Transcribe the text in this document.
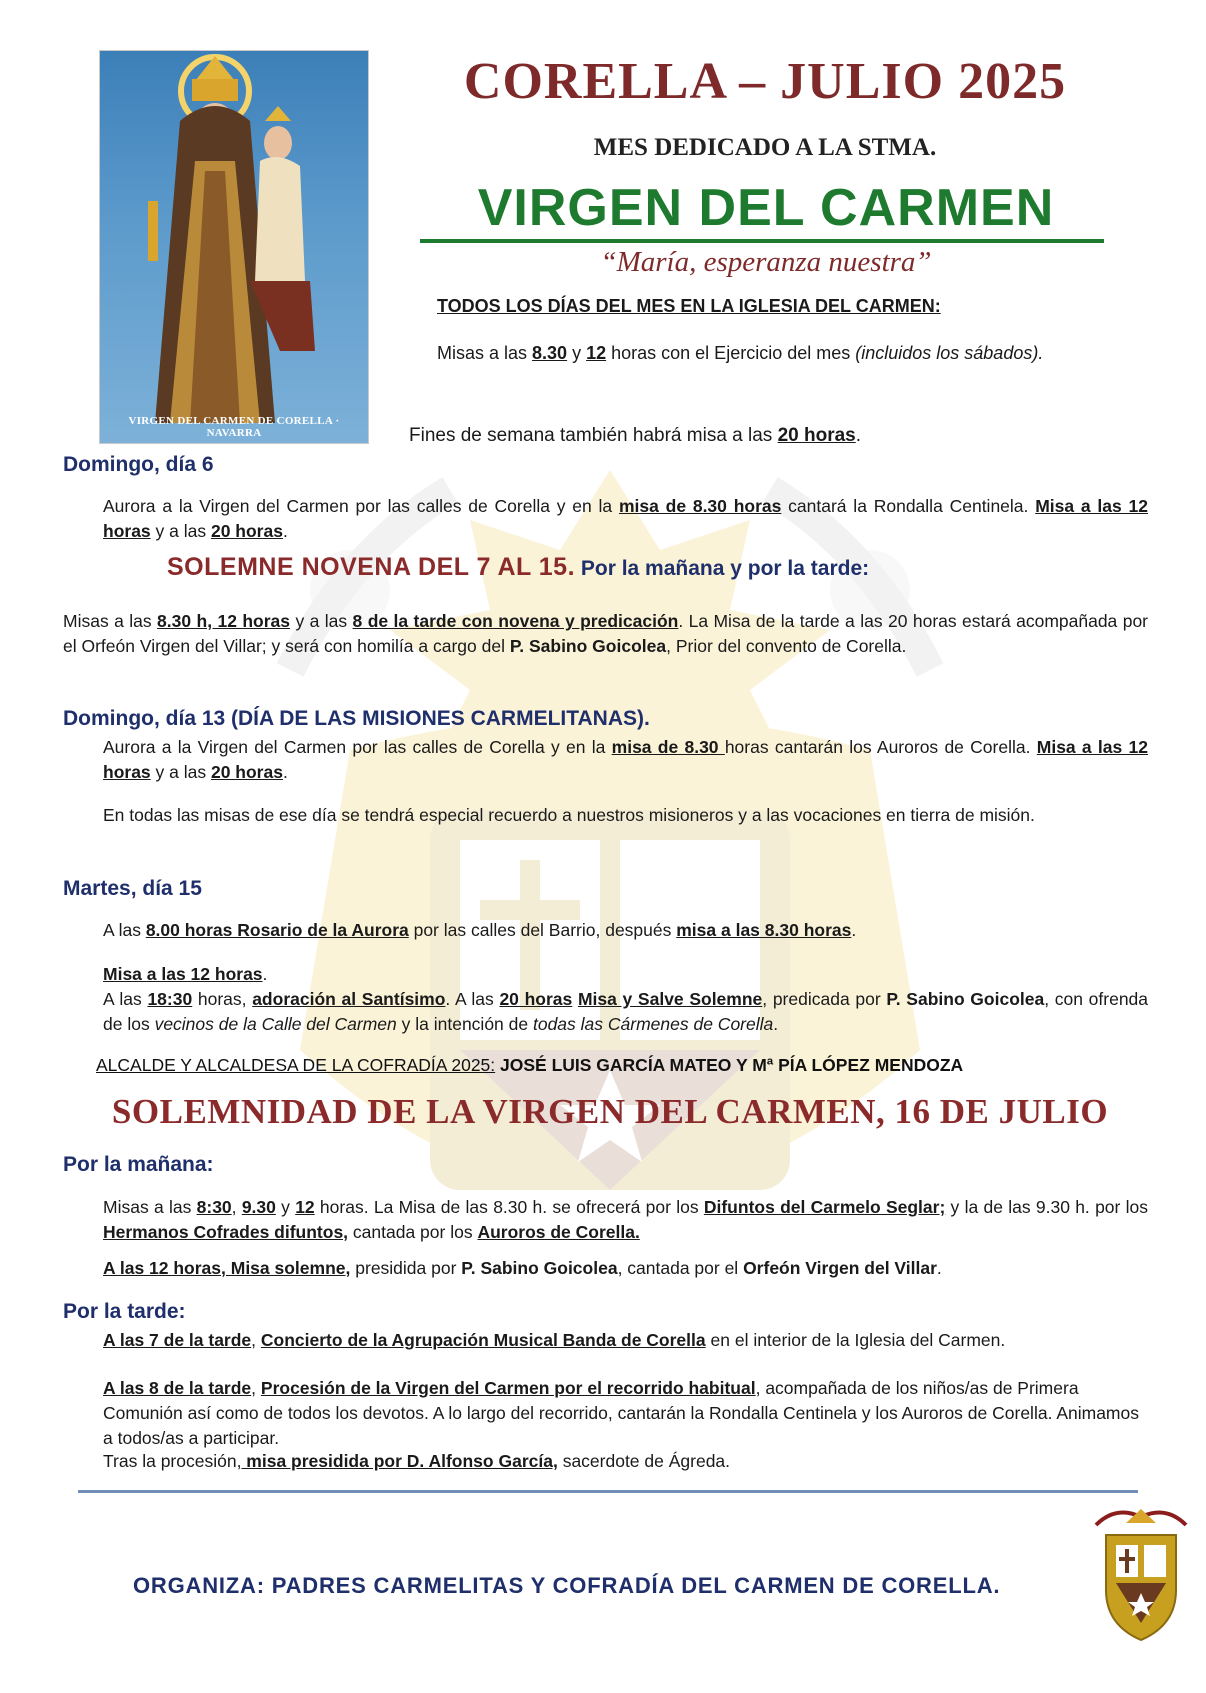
VIRGEN DEL CARMEN DE CORELLA · NAVARRA
CORELLA – JULIO 2025
MES DEDICADO A LA STMA.
VIRGEN DEL CARMEN
“María, esperanza nuestra”
TODOS LOS DÍAS DEL MES EN LA IGLESIA DEL CARMEN:
Misas a las 8.30 y 12 horas con el Ejercicio del mes (incluidos los sábados).
Fines de semana también habrá misa a las 20 horas.
Domingo, día 6
Aurora a la Virgen del Carmen por las calles de Corella y en la misa de 8.30 horas cantará la Rondalla Centinela. Misa a las 12 horas y a las 20 horas.
SOLEMNE NOVENA DEL 7 AL 15. Por la mañana y por la tarde:
Misas a las 8.30 h, 12 horas y a las 8 de la tarde con novena y predicación. La Misa de la tarde a las 20 horas estará acompañada por el Orfeón Virgen del Villar; y será con homilía a cargo del P. Sabino Goicolea, Prior del convento de Corella.
Domingo, día 13 (DÍA DE LAS MISIONES CARMELITANAS).
Aurora a la Virgen del Carmen por las calles de Corella y en la misa de 8.30 horas cantarán los Auroros de Corella. Misa a las 12 horas y a las 20 horas.
En todas las misas de ese día se tendrá especial recuerdo a nuestros misioneros y a las vocaciones en tierra de misión.
Martes, día 15
A las 8.00 horas Rosario de la Aurora por las calles del Barrio, después misa a las 8.30 horas.
Misa a las 12 horas.
A las 18:30 horas, adoración al Santísimo. A las 20 horas Misa y Salve Solemne, predicada por P. Sabino Goicolea, con ofrenda de los vecinos de la Calle del Carmen y la intención de todas las Cármenes de Corella.
ALCALDE Y ALCALDESA DE LA COFRADÍA 2025: JOSÉ LUIS GARCÍA MATEO Y Mª PÍA LÓPEZ MENDOZA
SOLEMNIDAD DE LA VIRGEN DEL CARMEN, 16 DE JULIO
Por la mañana:
Misas a las 8:30, 9.30 y 12 horas. La Misa de las 8.30 h. se ofrecerá por los Difuntos del Carmelo Seglar; y la de las 9.30 h. por los Hermanos Cofrades difuntos, cantada por los Auroros de Corella.
A las 12 horas, Misa solemne, presidida por P. Sabino Goicolea, cantada por el Orfeón Virgen del Villar.
Por la tarde:
A las 7 de la tarde, Concierto de la Agrupación Musical Banda de Corella en el interior de la Iglesia del Carmen.
A las 8 de la tarde, Procesión de la Virgen del Carmen por el recorrido habitual, acompañada de los niños/as de Primera Comunión así como de todos los devotos. A lo largo del recorrido, cantarán la Rondalla Centinela y los Auroros de Corella. Animamos a todos/as a participar.
Tras la procesión, misa presidida por D. Alfonso García, sacerdote de Ágreda.
ORGANIZA: PADRES CARMELITAS Y COFRADÍA DEL CARMEN DE CORELLA.
